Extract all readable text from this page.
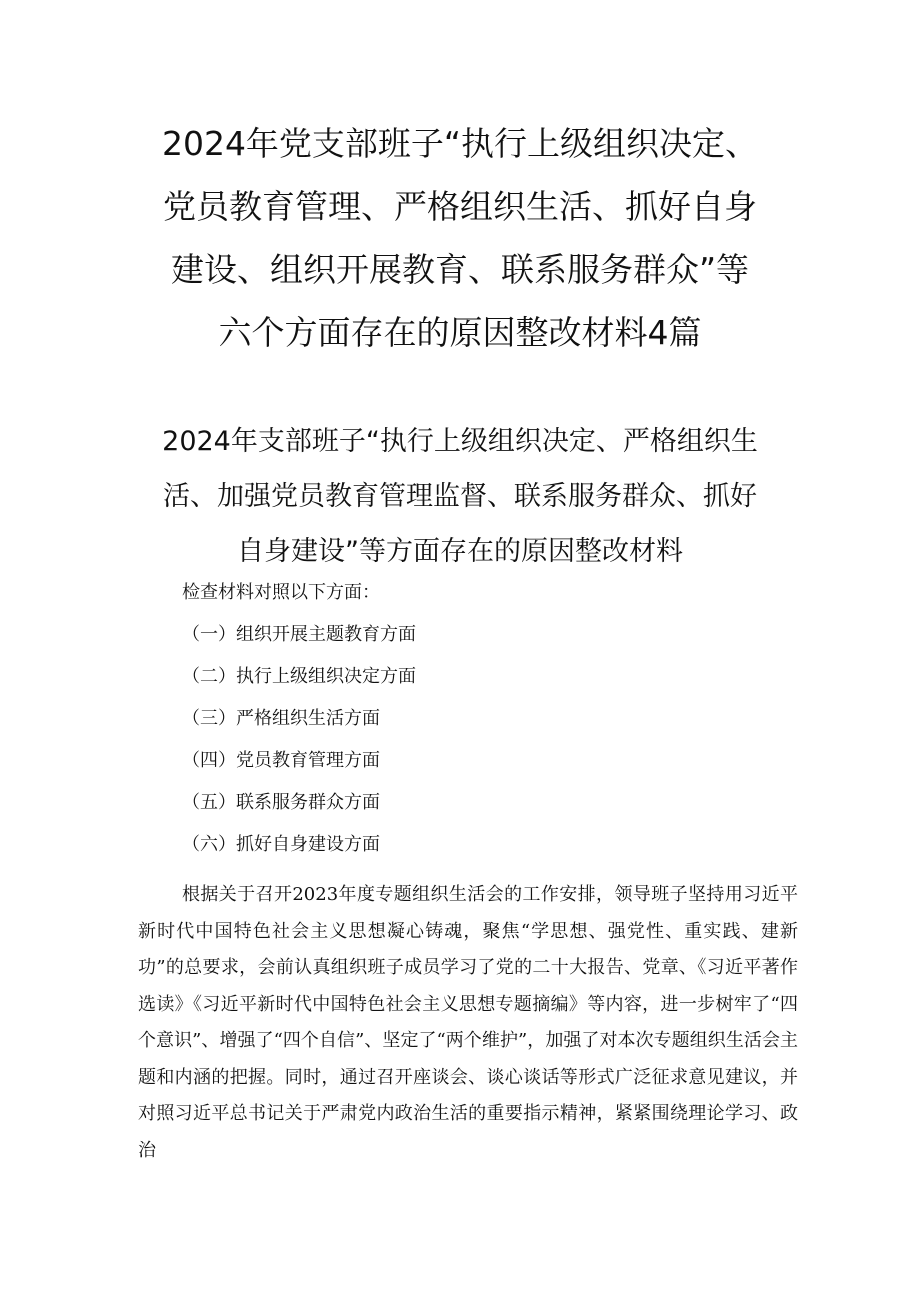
2024年党支部班子“执行上级组织决定、
党员教育管理、严格组织生活、抓好自身
建设、组织开展教育、联系服务群众”等
六个方面存在的原因整改材料4篇
2024年支部班子“执行上级组织决定、严格组织生
活、加强党员教育管理监督、联系服务群众、抓好
自身建设”等方面存在的原因整改材料
检查材料对照以下方面：
（一）组织开展主题教育方面
（二）执行上级组织决定方面
（三）严格组织生活方面
（四）党员教育管理方面
（五）联系服务群众方面
（六）抓好自身建设方面

根据关于召开2023年度专题组织生活会的工作安排，领导班子坚持用习近平新时代中国特色社会主义思想凝心铸魂，聚焦“学思想、强党性、重实践、建新功”的总要求，会前认真组织班子成员学习了党的二十大报告、党章、《习近平著作选读》《习近平新时代中国特色社会主义思想专题摘编》等内容，进一步树牢了“四个意识”、增强了“四个自信”、坚定了“两个维护”，加强了对本次专题组织生活会主题和内涵的把握。同时，通过召开座谈会、谈心谈话等形式广泛征求意见建议，并对照习近平总书记关于严肃党内政治生活的重要指示精神，紧紧围绕理论学习、政治
